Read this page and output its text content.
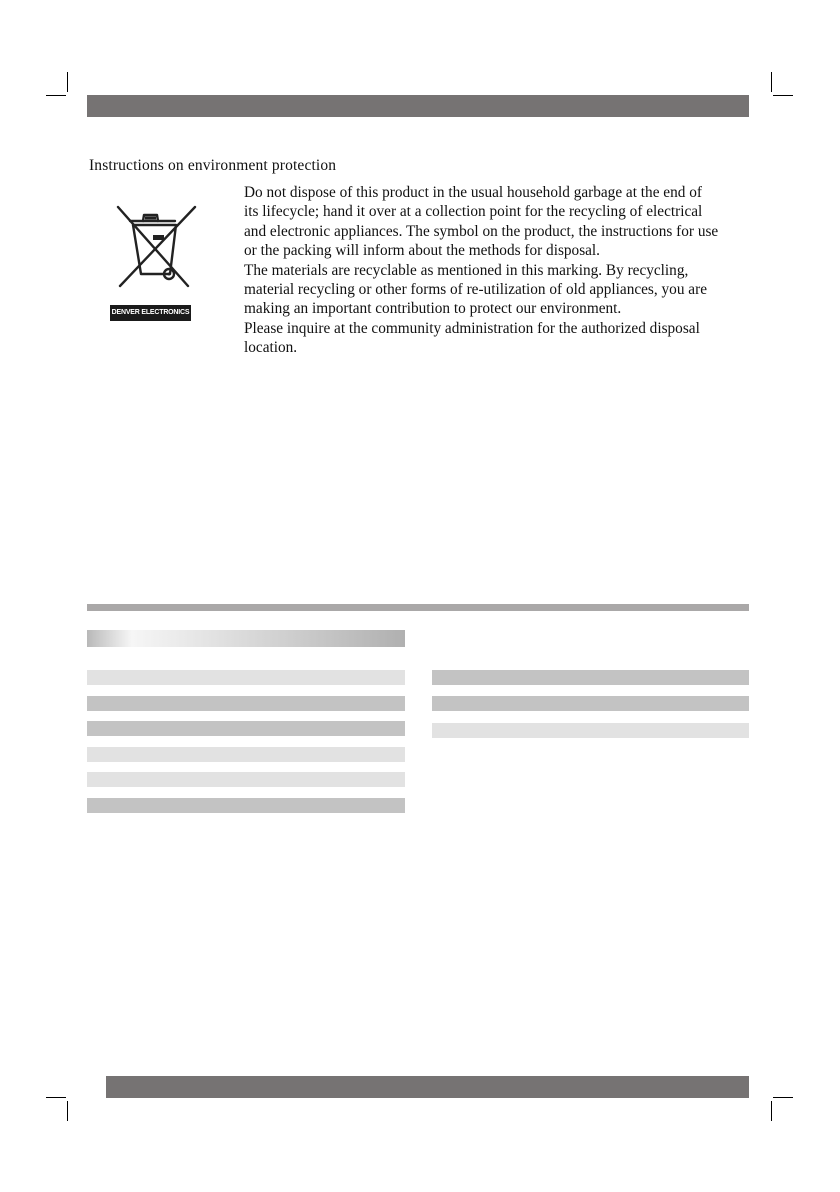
Instructions on environment protection
DENVER ELECTRONICS
Do not dispose of this product in the usual household garbage at the end of
its lifecycle; hand it over at a collection point for the recycling of electrical
and electronic appliances. The symbol on the product, the instructions for use
or the packing will inform about the methods for disposal.
The materials are recyclable as mentioned in this marking. By recycling,
material recycling or other forms of re-utilization of old appliances, you are
making an important contribution to protect our environment.
Please inquire at the community administration for the authorized disposal
location.
